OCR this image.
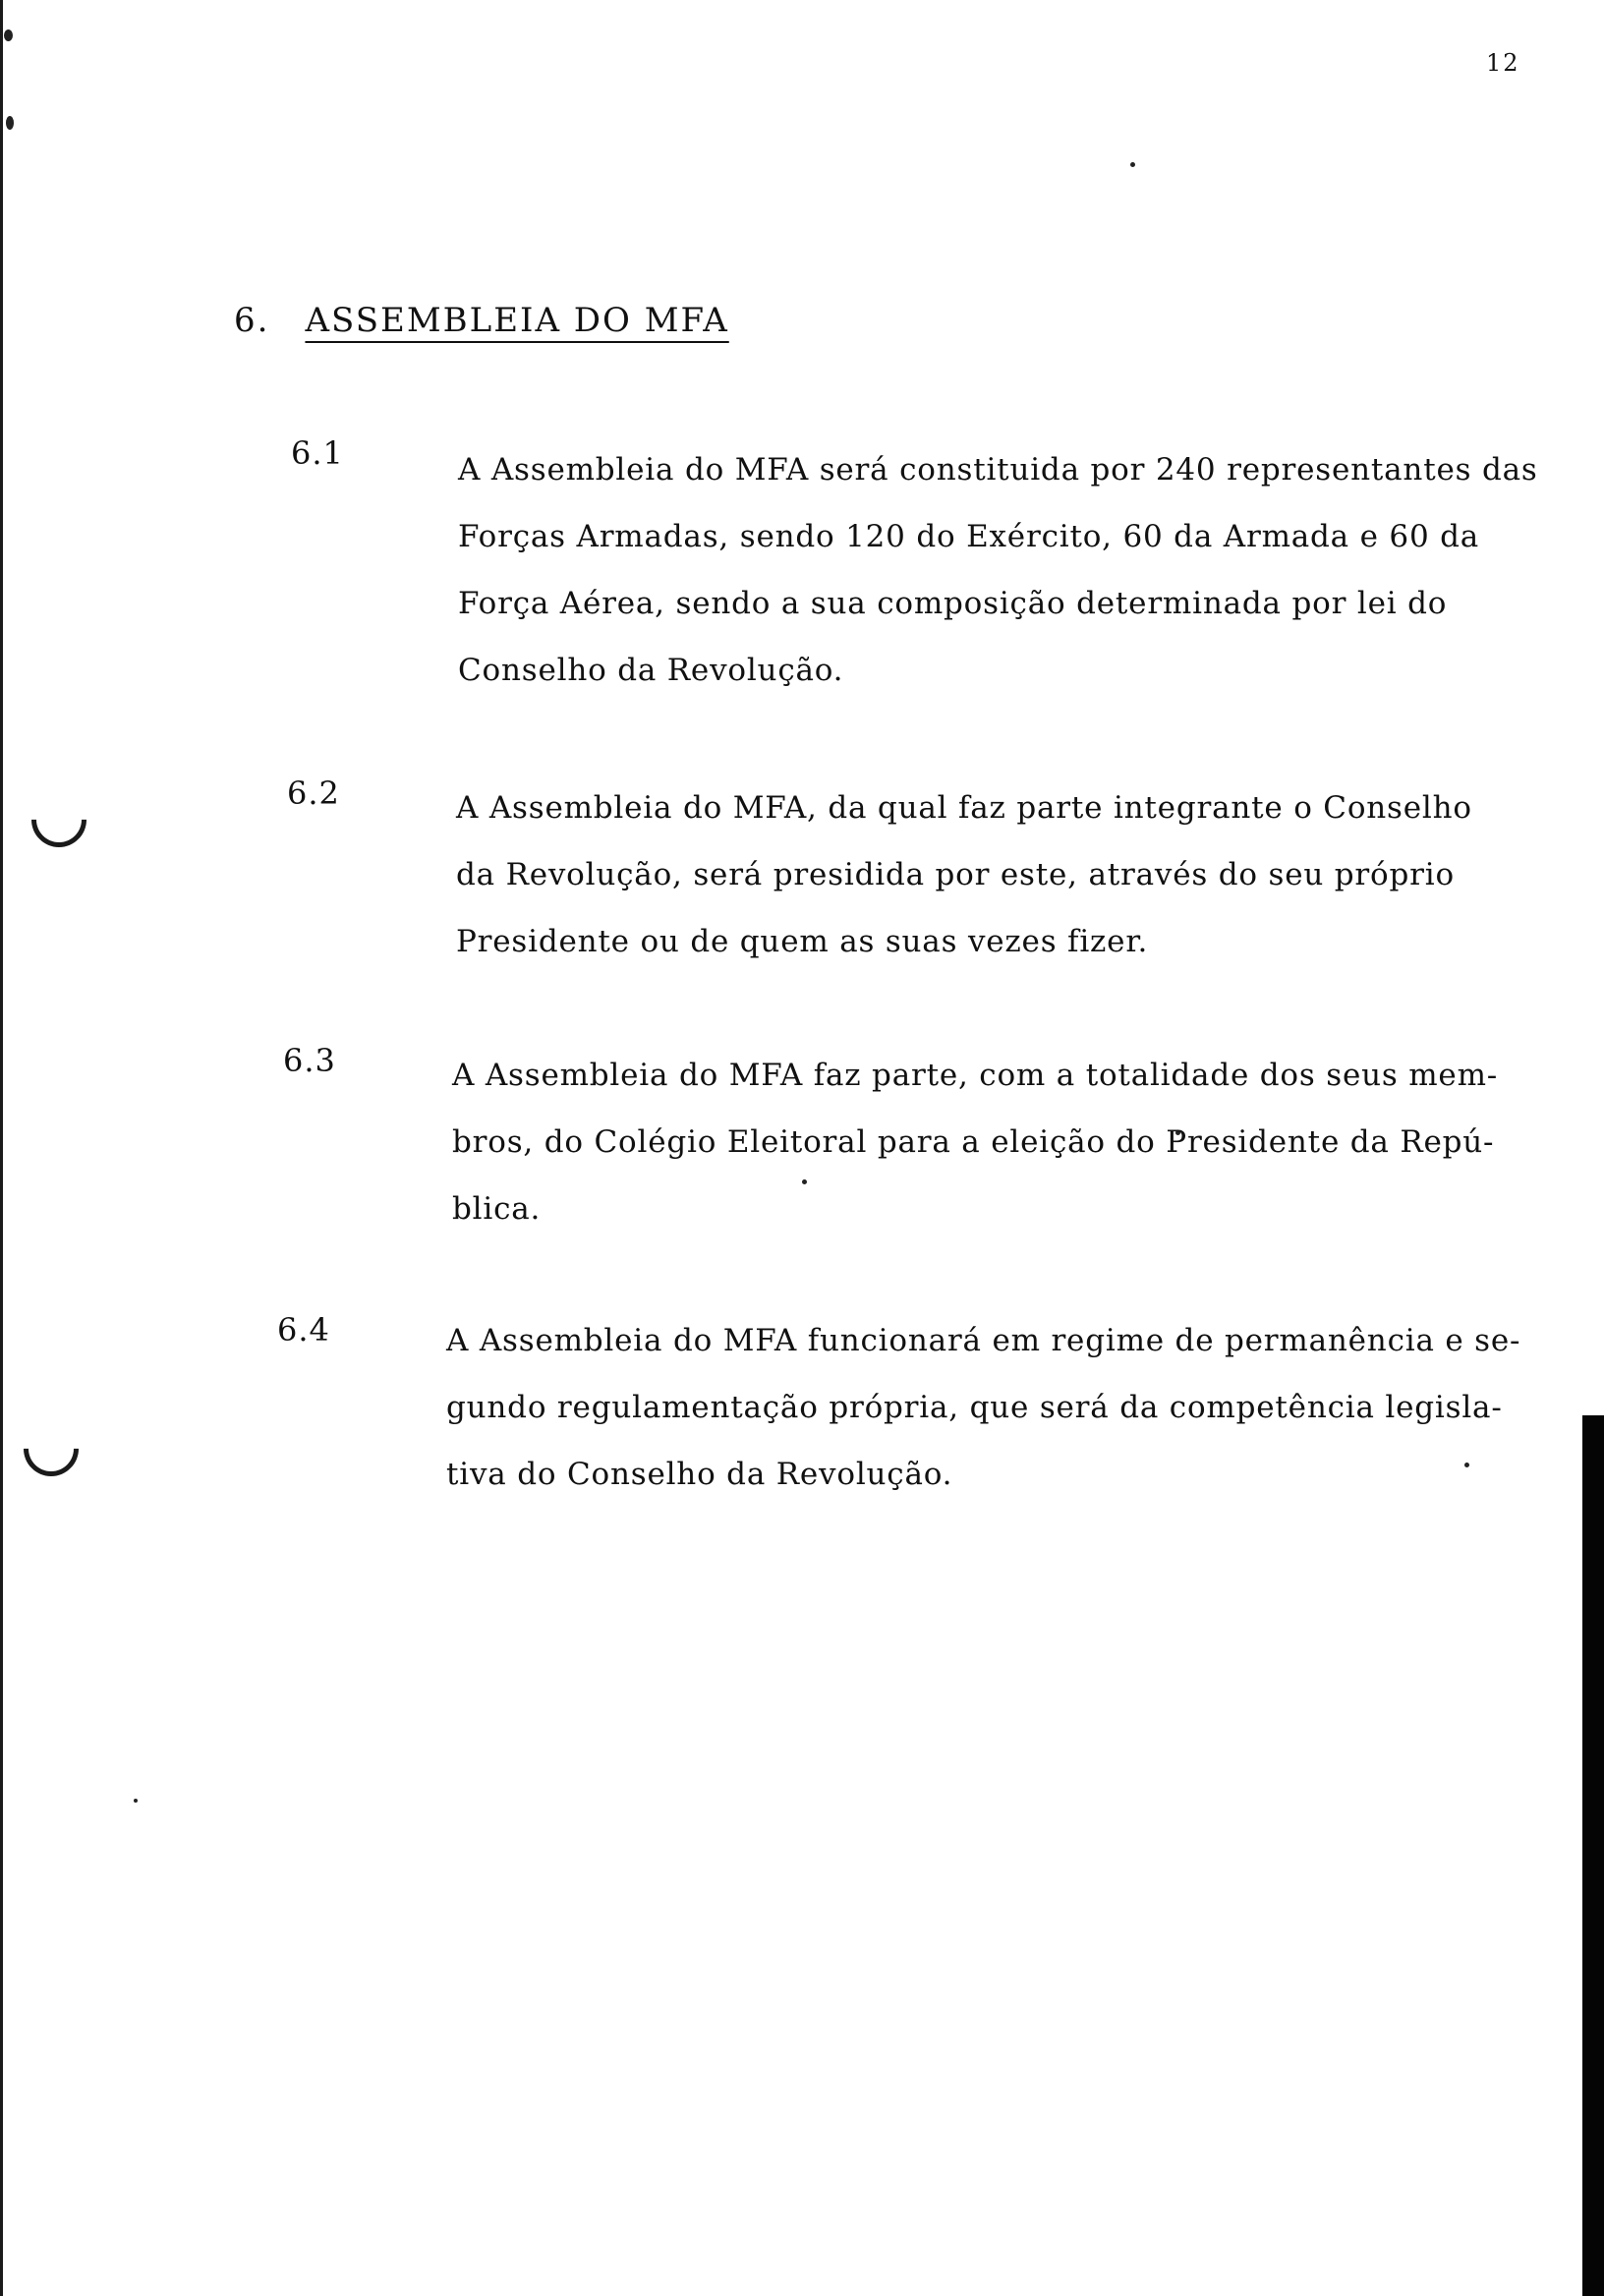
12
6. ASSEMBLEIA DO MFA
6.1	A Assembleia do MFA será constituida por 240 representantes das
Forças Armadas, sendo 120 do Exército, 60 da Armada e 60 da
Força Aérea, sendo a sua composição determinada por lei do
Conselho da Revolução.
6.2	A Assembleia do MFA, da qual faz parte integrante o Conselho
da Revolução, será presidida por este, através do seu próprio
Presidente ou de quem as suas vezes fizer.
6.3	A Assembleia do MFA faz parte, com a totalidade dos seus mem-
bros, do Colégio Eleitoral para a eleição do Presidente da Repú-
blica.
6.4	A Assembleia do MFA funcionará em regime de permanência e se-
gundo regulamentação própria, que será da competência legisla-
tiva do Conselho da Revolução.
